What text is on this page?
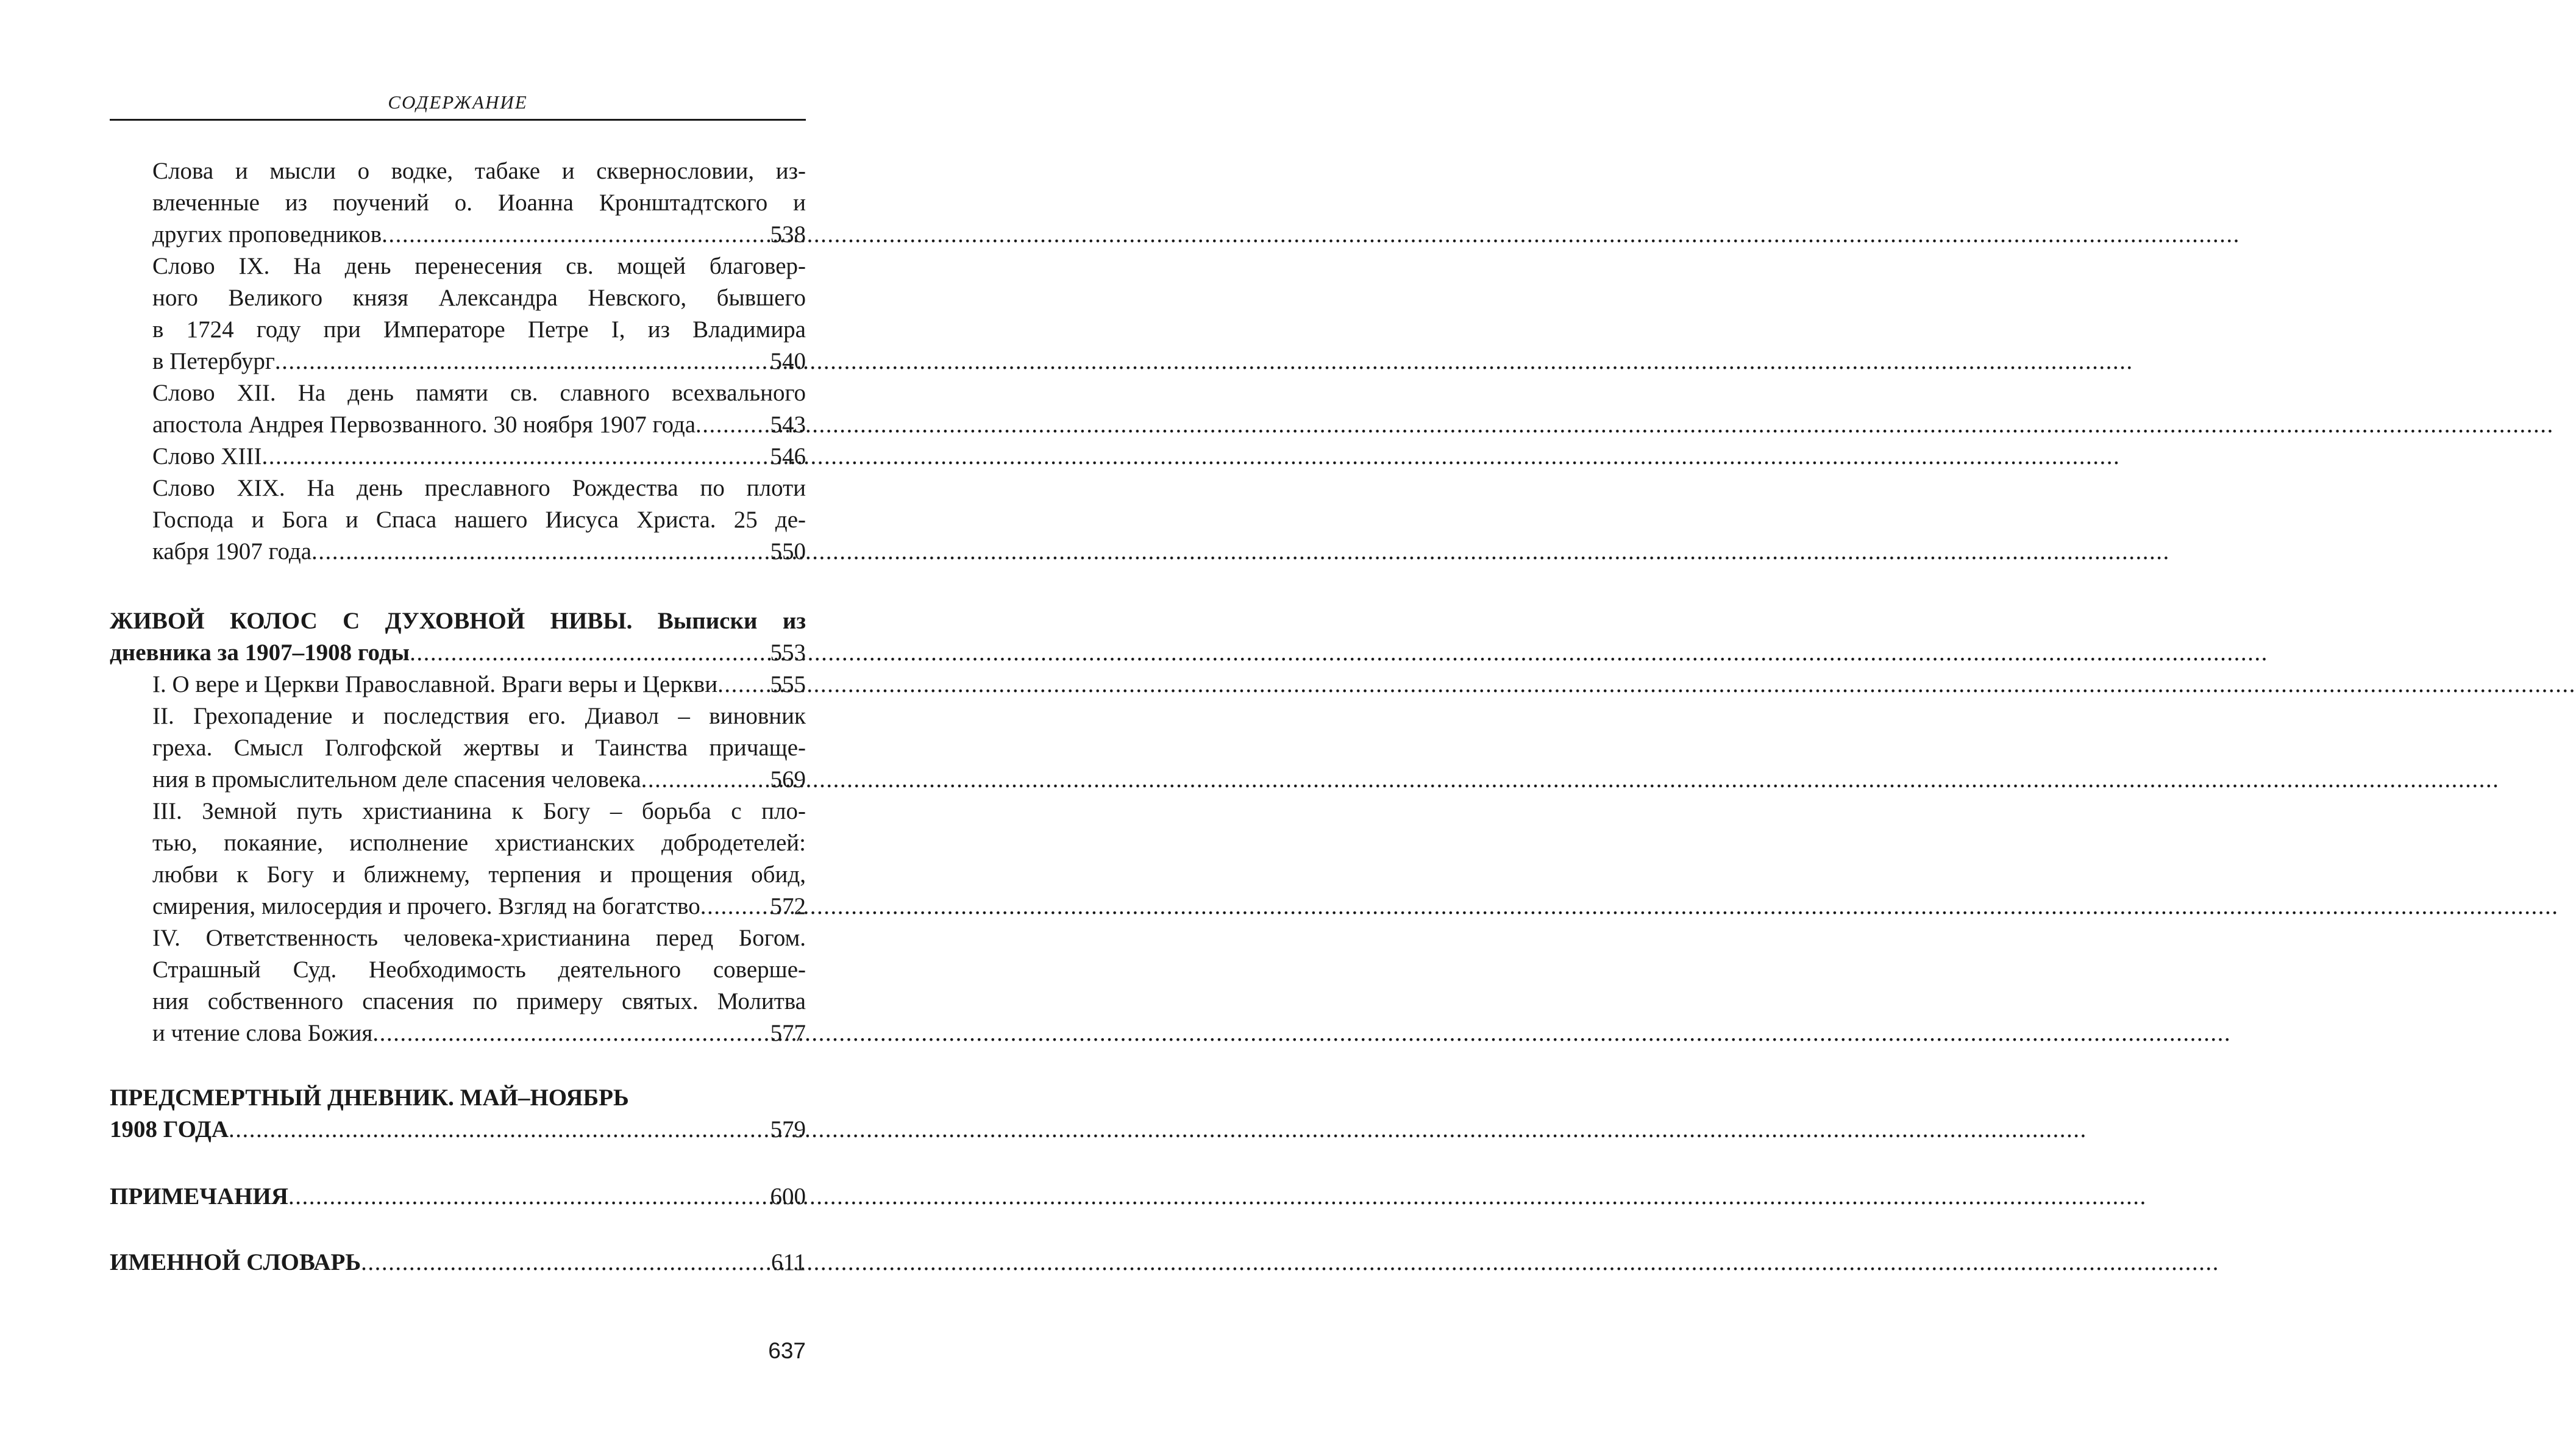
СОДЕРЖАНИЕ
Слова и мысли о водке, табаке и сквернословии, из-
влеченные из поучений о. Иоанна Кронштадтского и
других проповедников .....	538
Слово IX. На день перенесения св. мощей благовер-
ного Великого князя Александра Невского, бывшего
в 1724 году при Императоре Петре I, из Владимира
в Петербург .....	540
Слово XII. На день памяти св. славного всехвального
апостола Андрея Первозванного. 30 ноября 1907 года .....	543
Слово XIII .....	546
Слово XIX. На день преславного Рождества по плоти
Господа и Бога и Спаса нашего Иисуса Христа. 25 де-
кабря 1907 года .....	550
ЖИВОЙ КОЛОС С ДУХОВНОЙ НИВЫ. Выписки из
дневника за 1907–1908 годы .....	553
I. О вере и Церкви Православной. Враги веры и Церкви ..... 555
II. Грехопадение и последствия его. Диавол – виновник
греха. Смысл Голгофской жертвы и Таинства причаще-
ния в промыслительном деле спасения человека .....	569
III. Земной путь христианина к Богу – борьба с пло-
тью, покаяние, исполнение христианских добродетелей:
любви к Богу и ближнему, терпения и прощения обид,
смирения, милосердия и прочего. Взгляд на богатство .....	572
IV. Ответственность человека-христианина перед Богом.
Страшный Суд. Необходимость деятельного соверше-
ния собственного спасения по примеру святых. Молитва
и чтение слова Божия .....	577
ПРЕДСМЕРТНЫЙ ДНЕВНИК. МАЙ–НОЯБРЬ
1908 ГОДА .....	579
ПРИМЕЧАНИЯ .....	600
ИМЕННОЙ СЛОВАРЬ .....	611
637
